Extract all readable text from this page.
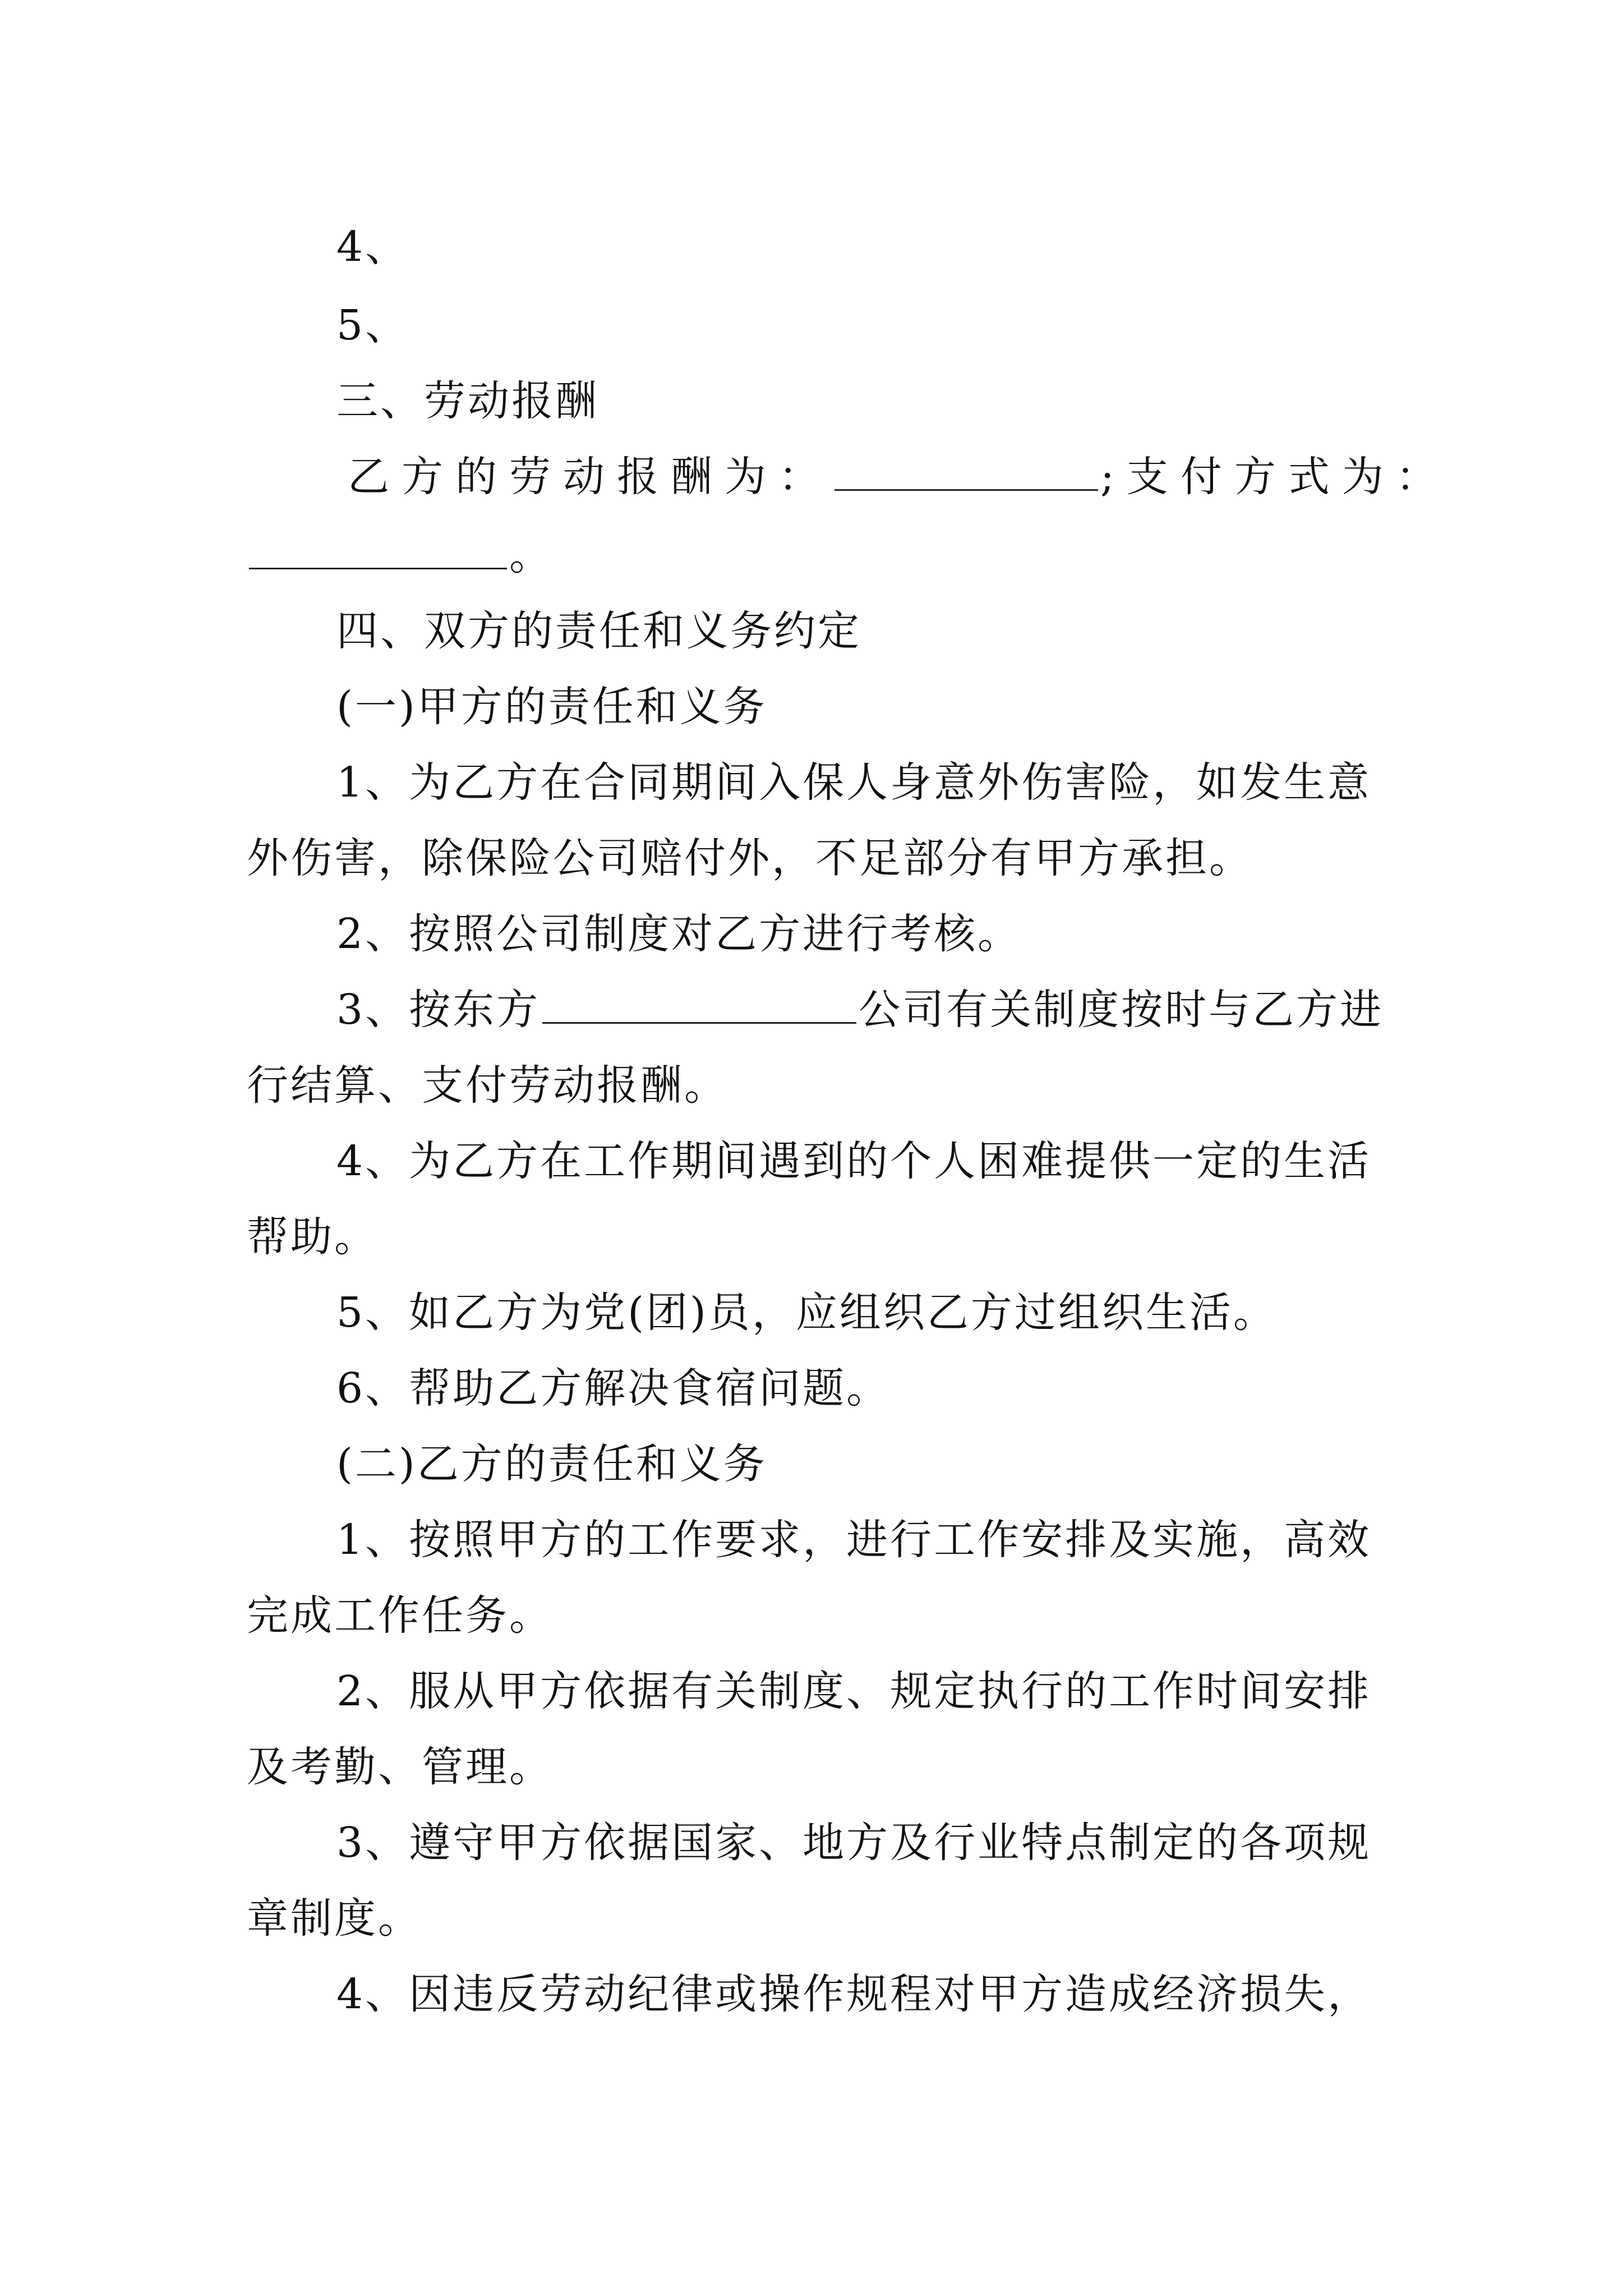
4、
5、
三、劳动报酬
乙方的劳动报酬为：	;支付方式为：
。
四、双方的责任和义务约定
(一)甲方的责任和义务
1、为乙方在合同期间入保人身意外伤害险，如发生意
外伤害，除保险公司赔付外，不足部分有甲方承担。
2、按照公司制度对乙方进行考核。
3、按东方	公司有关制度按时与乙方进
行结算、支付劳动报酬。
4、为乙方在工作期间遇到的个人困难提供一定的生活
帮助。
5、如乙方为党(团)员，应组织乙方过组织生活。
6、帮助乙方解决食宿问题。
(二)乙方的责任和义务
1、按照甲方的工作要求，进行工作安排及实施，高效
完成工作任务。
2、服从甲方依据有关制度、规定执行的工作时间安排
及考勤、管理。
3、遵守甲方依据国家、地方及行业特点制定的各项规
章制度。
4、因违反劳动纪律或操作规程对甲方造成经济损失，
